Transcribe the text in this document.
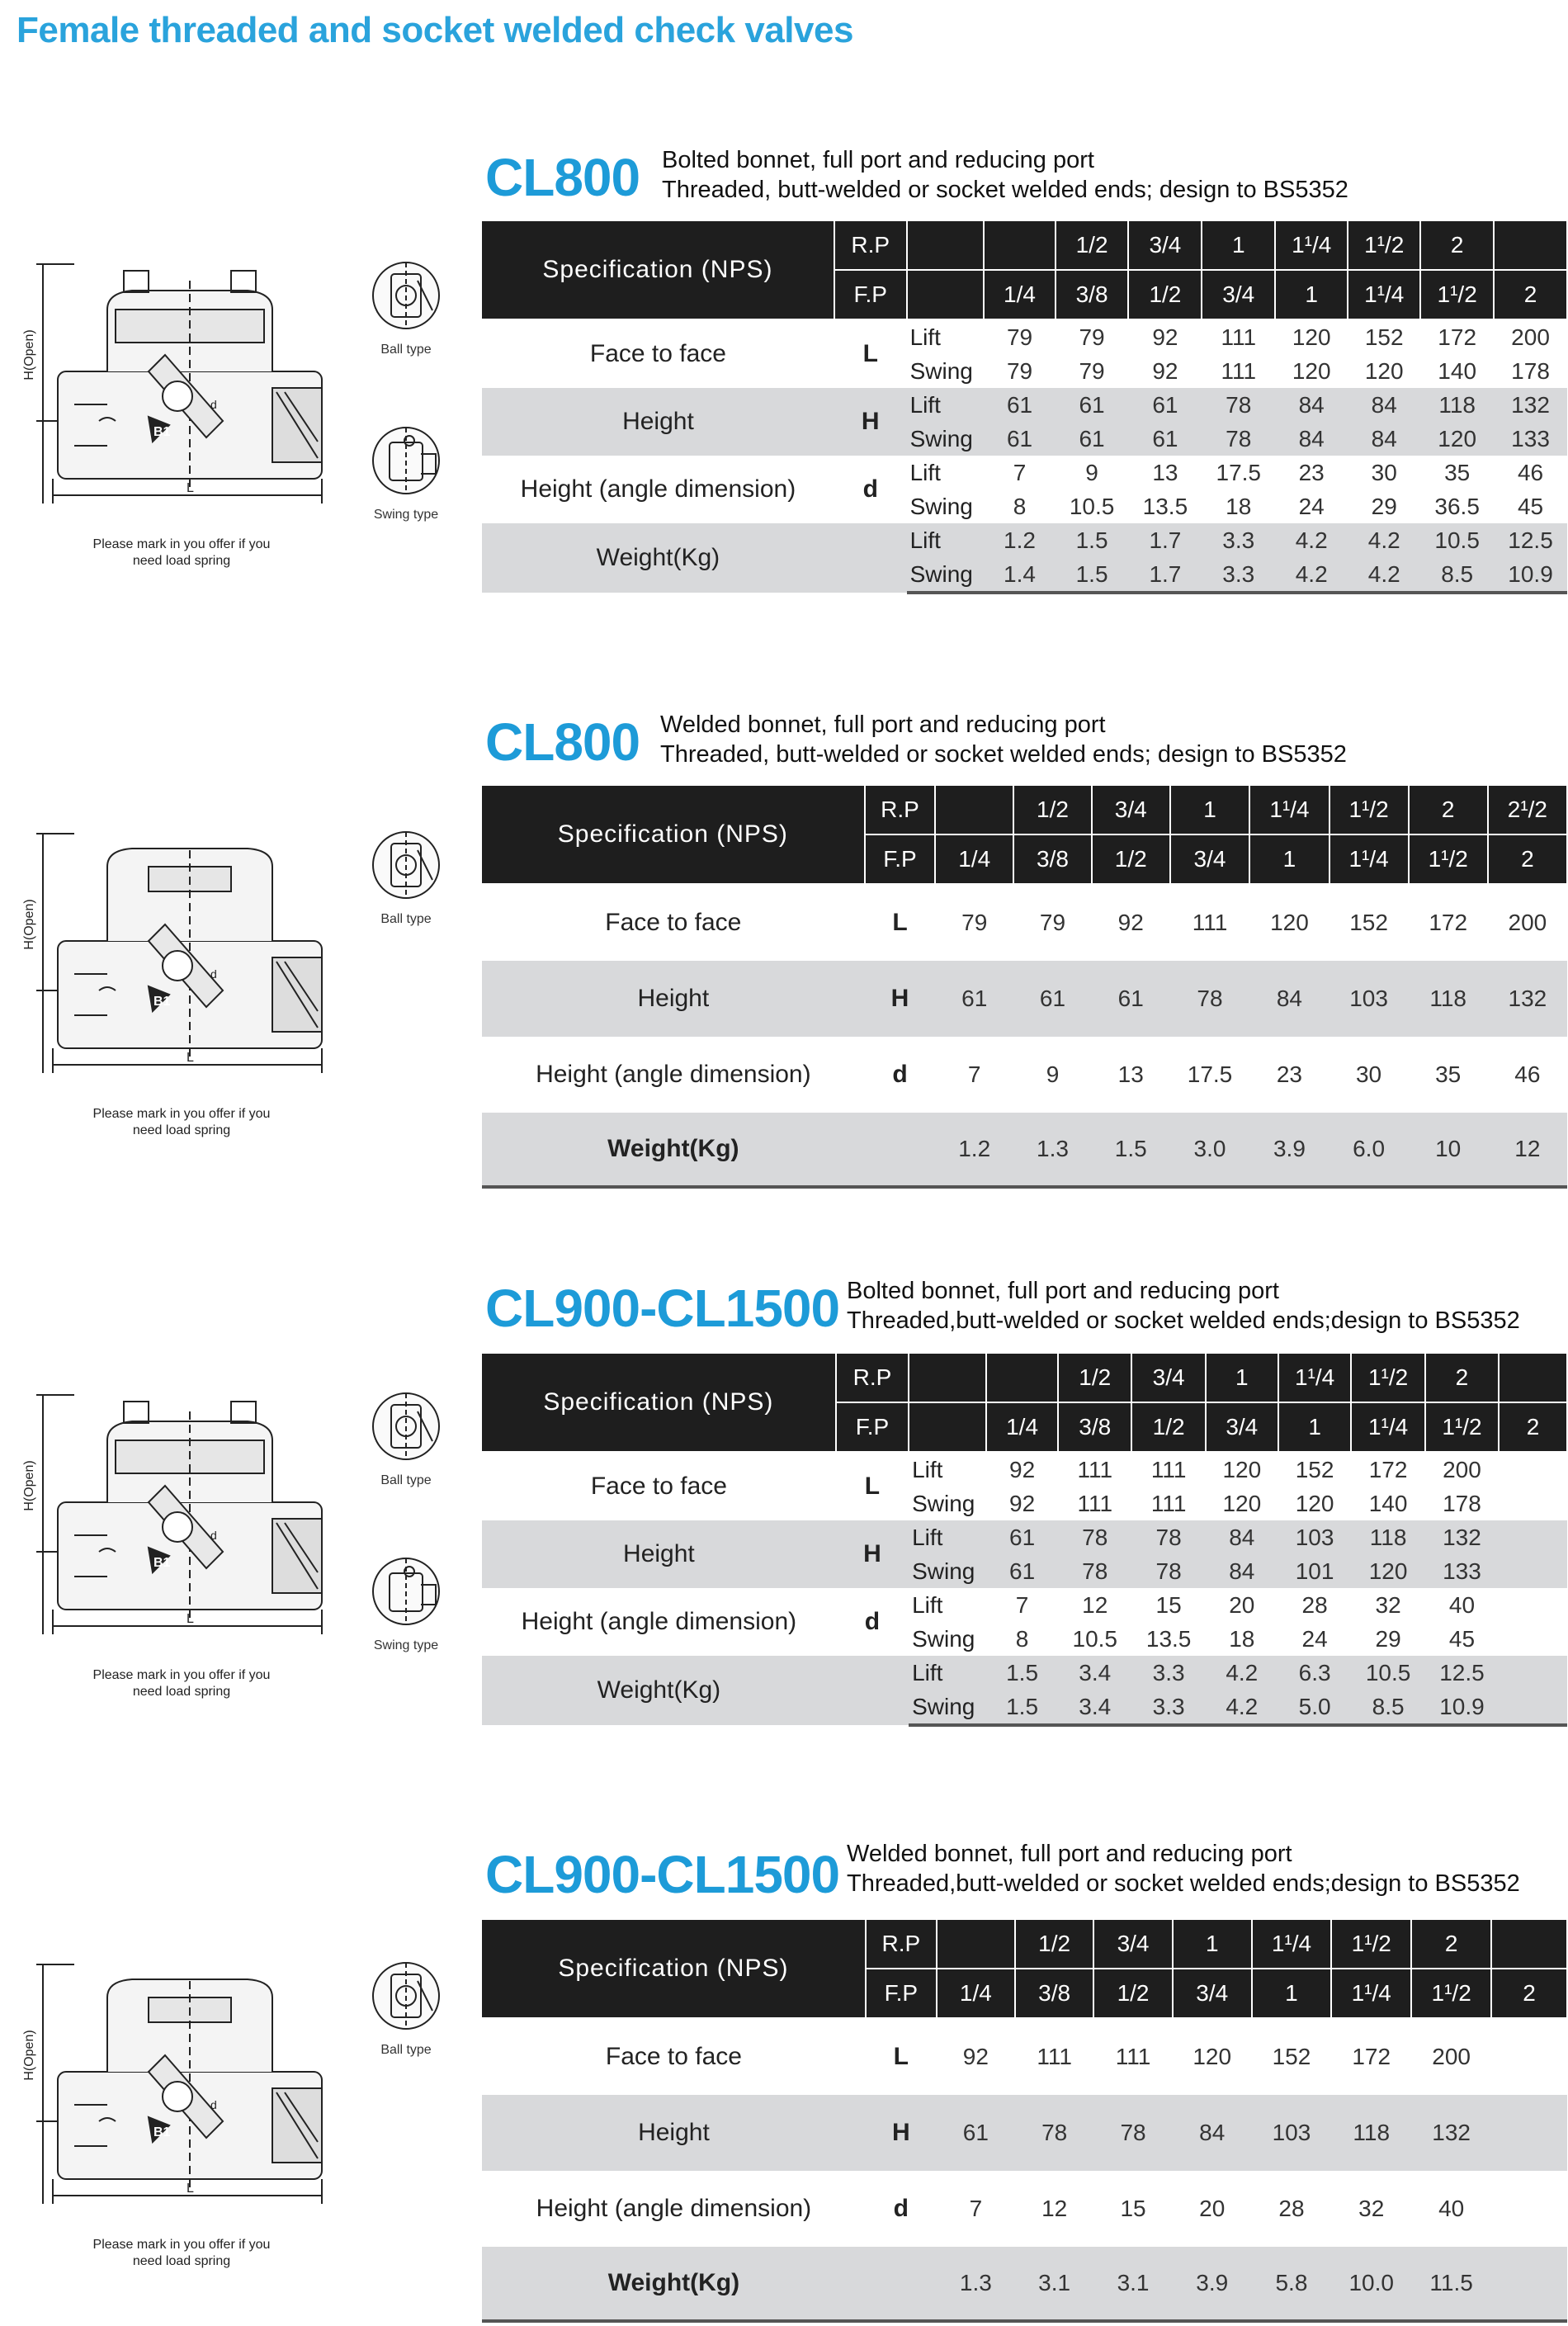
Female threaded and socket welded check valves
CL800 Bolted bonnet, full port and reducing port
Threaded, butt-welded or socket welded ends; design to BS5352
H(Open)
L
B1
d
Please mark in you offer if you need load spring
Ball type
Swing type
Specification (NPS)	R.P			1/2	3/4	1	1¹/4	1¹/2	2	
	F.P		1/4	3/8	1/2	3/4	1	1¹/4	1¹/2	2
Face to face	L	Lift	79	79	92	111	120	152	172	200
		Swing	79	79	92	111	120	120	140	178
Height	H	Lift	61	61	61	78	84	84	118	132
		Swing	61	61	61	78	84	84	120	133
Height (angle dimension)	d	Lift	7	9	13	17.5	23	30	35	46
		Swing	8	10.5	13.5	18	24	29	36.5	45
Weight(Kg)		Lift	1.2	1.5	1.7	3.3	4.2	4.2	10.5	12.5
		Swing	1.4	1.5	1.7	3.3	4.2	4.2	8.5	10.9
CL800 Welded bonnet, full port and reducing port
Threaded, butt-welded or socket welded ends; design to BS5352
H(Open)
L
B1
d
Please mark in you offer if you need load spring
Ball type
Specification (NPS)	R.P		1/2	3/4	1	1¹/4	1¹/2	2	2¹/2
	F.P	1/4	3/8	1/2	3/4	1	1¹/4	1¹/2	2
Face to face	L	79	79	92	111	120	152	172	200
Height	H	61	61	61	78	84	103	118	132
Height (angle dimension)	d	7	9	13	17.5	23	30	35	46
Weight(Kg)		1.2	1.3	1.5	3.0	3.9	6.0	10	12
CL900-CL1500 Bolted bonnet, full port and reducing port
Threaded,butt-welded or socket welded ends;design to BS5352
H(Open)
L
B1
d
Please mark in you offer if you need load spring
Ball type
Swing type
Specification (NPS)	R.P			1/2	3/4	1	1¹/4	1¹/2	2	
	F.P		1/4	3/8	1/2	3/4	1	1¹/4	1¹/2	2
Face to face	L	Lift	92	111	111	120	152	172	200	
		Swing	92	111	111	120	120	140	178	
Height	H	Lift	61	78	78	84	103	118	132	
		Swing	61	78	78	84	101	120	133	
Height (angle dimension)	d	Lift	7	12	15	20	28	32	40	
		Swing	8	10.5	13.5	18	24	29	45	
Weight(Kg)		Lift	1.5	3.4	3.3	4.2	6.3	10.5	12.5	
		Swing	1.5	3.4	3.3	4.2	5.0	8.5	10.9	
CL900-CL1500 Welded bonnet, full port and reducing port
Threaded,butt-welded or socket welded ends;design to BS5352
H(Open)
L
B1
d
Please mark in you offer if you need load spring
Ball type
Specification (NPS)	R.P		1/2	3/4	1	1¹/4	1¹/2	2	
	F.P	1/4	3/8	1/2	3/4	1	1¹/4	1¹/2	2
Face to face	L	92	111	111	120	152	172	200	
Height	H	61	78	78	84	103	118	132	
Height (angle dimension)	d	7	12	15	20	28	32	40	
Weight(Kg)		1.3	3.1	3.1	3.9	5.8	10.0	11.5	
